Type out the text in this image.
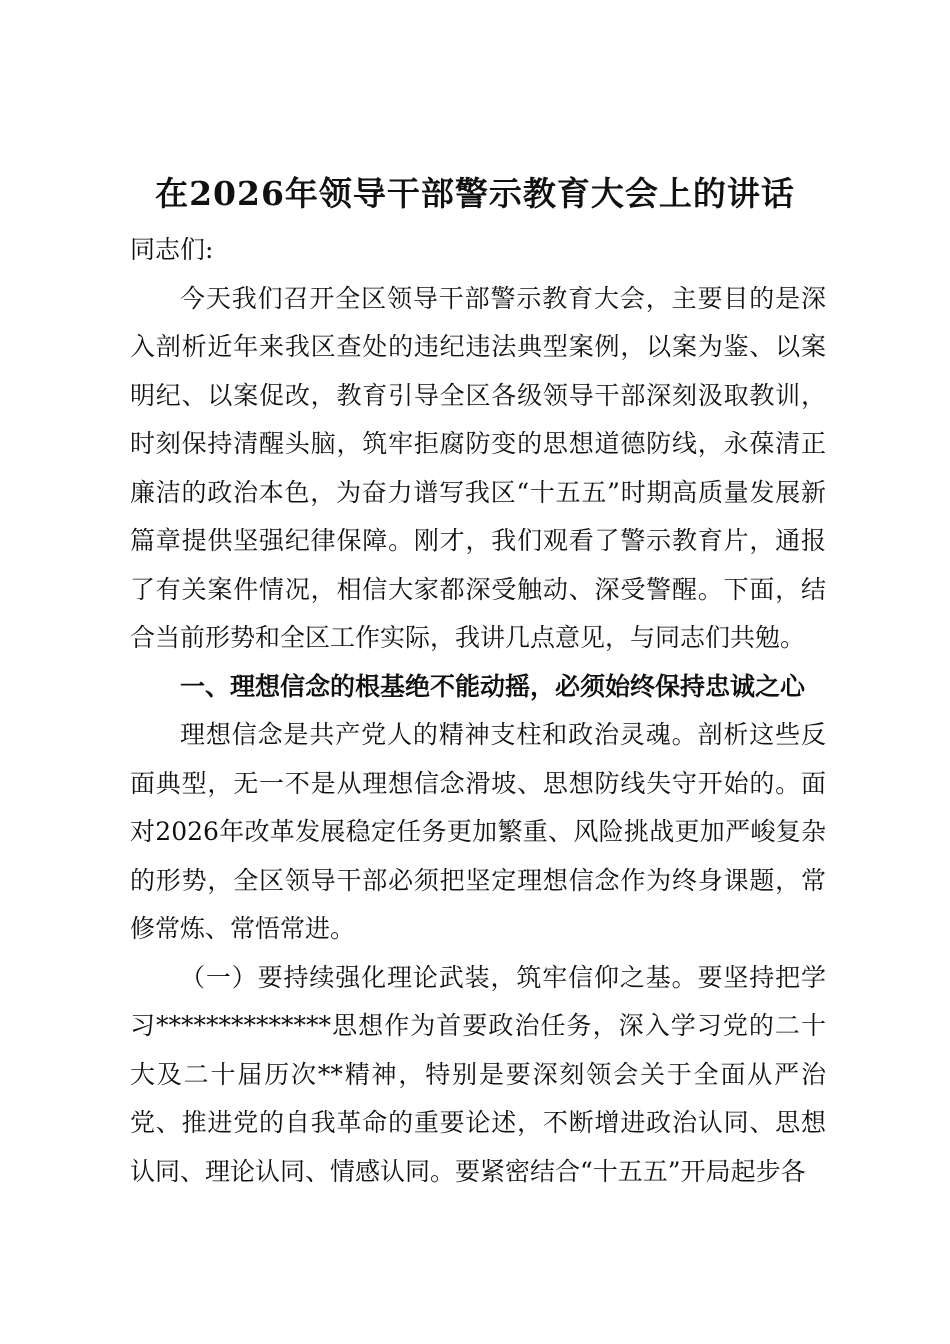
在2026年领导干部警示教育大会上的讲话

同志们:

今天我们召开全区领导干部警示教育大会，主要目的是深入剖析近年来我区查处的违纪违法典型案例，以案为鉴、以案明纪、以案促改，教育引导全区各级领导干部深刻汲取教训，时刻保持清醒头脑，筑牢拒腐防变的思想道德防线，永葆清正廉洁的政治本色，为奋力谱写我区“十五五”时期高质量发展新篇章提供坚强纪律保障。刚才，我们观看了警示教育片，通报了有关案件情况，相信大家都深受触动、深受警醒。下面，结合当前形势和全区工作实际，我讲几点意见，与同志们共勉。

一、理想信念的根基绝不能动摇，必须始终保持忠诚之心

理想信念是共产党人的精神支柱和政治灵魂。剖析这些反面典型，无一不是从理想信念滑坡、思想防线失守开始的。面对2026年改革发展稳定任务更加繁重、风险挑战更加严峻复杂的形势，全区领导干部必须把坚定理想信念作为终身课题，常修常炼、常悟常进。

（一）要持续强化理论武装，筑牢信仰之基。要坚持把学习**************思想作为首要政治任务，深入学习党的二十大及二十届历次**精神，特别是要深刻领会关于全面从严治党、推进党的自我革命的重要论述，不断增进政治认同、思想认同、理论认同、情感认同。要紧密结合“十五五”开局起步各
